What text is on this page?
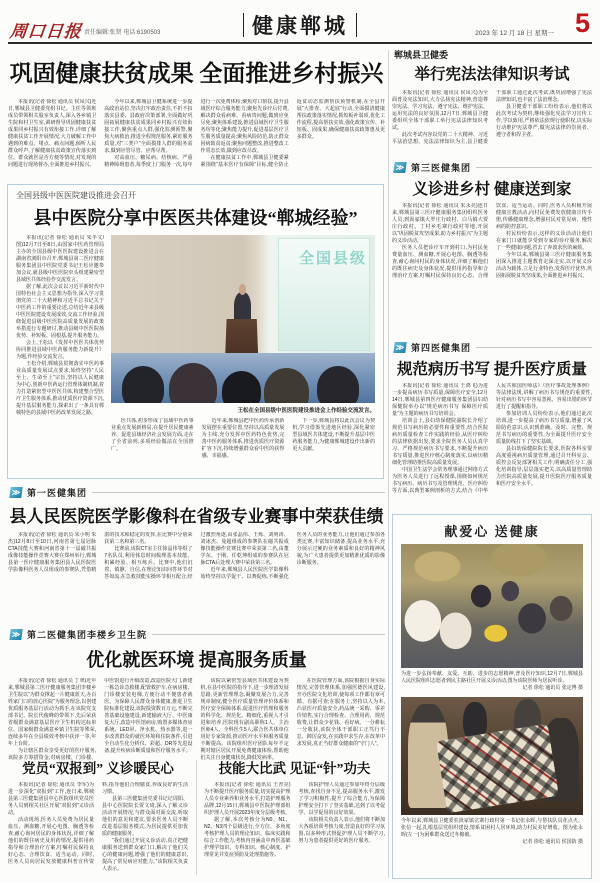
周口日报 责任编辑:张贤 电话:6190503	健康郸城	2023 年 12 月 18 日 星期一 5
巩固健康扶贫成果 全面推进乡村振兴

本报讯(记者 徐松 通讯员 侯凤兴)近日,郸城县卫健委党组书记、主任等领班成员带领相关股室负责人,深入各乡镇卫生院和村卫生室,调研督导巩固健康扶贫成果同乡村振兴有效衔接工作,详细了解健康扶贫工作开展情况,大力破解工作中遇到的难点、堵点、痛点问题,倾听人民群众呼声,了解健康扶贫政策宣传落实到位、群众就医是否方便等情况,对发现的问题进行现场督办,全面推进乡村振兴。

今年以来,郸城县卫健系统进一步提高政治站位,坚决扛牢政治责任,不折不扣落实县委、县政府决策部署,全面做好巩固拓展健康扶贫成果同乡村振兴有效衔接工作,聚焦重点人群,强化监测预警,聚焦大病救治,推进全程规范服务,紧盯服务质量,对“三类户”全面摸排人群的服务需求,做到应管尽管、应帮尽帮。

对高血压、糖尿病、结核病、严重精神障碍患者,每季度上门服务一次,每年进行一次免费体检;聚焦对口帮扶,提升县域医疗综合服务能力;聚焦先诊疗后付费,解决群众看病难、看病贵问题,做到应免尽免;聚焦体系建设,推进县域医疗卫生服务均等化;聚焦能力提升,促进基层医疗卫生服务质量提高;聚焦风险防范,防止群众因病致贫返贫;聚焦问题整改,推进整改工作常态长效,做到应改尽改。

在健康扶贫工作中,郸城县卫健委紧紧围绕“基本医疗有保障”目标,健全防止返贫动态监测帮扶预警机制,在全县开展“大排查、大起底”行动,全面摸清健康帮扶政策落实情况,抓短板补弱项,优化工作流程,提高帮扶实效,强化政策宣传、补短板、固成果,确保健康扶贫政策惠及更多群众。

全国县级中医医院建设推进会召开
县中医院分享中医医共体建设“郸城经验”

本报讯(记者 徐松 通讯员 朱半文/图)12月7日至8日,由国家中医药管理局主办的全国县级中医医院建设推进会在湖南省浏阳市召开,郸城县第二医疗健康服务集团县中医院党委书记王松应邀参加会议,就县级中医医院牵头组建紧密型县域医共体经验作交流发言。

据了解,此次会议以习近平新时代中国特色社会主义思想为指导,深入学习贯彻党的二十大精神和习近平总书记关于中医药工作的重要论述,总结近年来县级中医医院建设发展成效,交流工作经验,围绕促进县级中医医院高质量发展的政策举措进行专题研讨,推动县级中医医院扬优势、补短板、固根基,提升服务能力。

会上,王松以《发挥中医医共体优势 协同推进县域中医药服务能力新提升》为题,作经验交流发言。

王松介绍,郸城县贯彻落实中医药事业高质量发展试点要求,始终坚持“人民至上、生命至上”宗旨,坚持以人民健康为中心,创新中医药运行管理体制机制,着力打造紧密型中医医共体,构建整合型医疗卫生服务体系,推动优质医疗资源下沉,提升基层服务能力,探索出了一条具有郸城特色的县域中医药改革发展之路。

全国县级
王松在全国县级中医医院建设推进会上作经验交流发言。

医共体,初步形成了县域中医药事业重点发展新格局,在提升居民健康素养、促进县域经济社会发展方面,走在了全省前列,多项经验做法在全国推广。

近年来,郸城县把中医药传承创新发展摆在重要位置,坚持以高质量发展为主线,充分发挥中医药特色优势,完善中医药服务体系,推进优质医疗资源扩容下沉,持续增强群众看中医的获得感、幸福感。

下一步,郸城县将以此次会议为契机,学习借鉴先进地区经验,深化紧密型县域医共体建设,不断提升基层中医药服务能力,为健康郸城建设作出新的更大贡献。

≫ 第一医健集团
县人民医院医学影像科在省级专业赛事中荣获佳绩

本报讯(记者 徐松 通讯员 朱小明 朱杰)12月8日至10日,河南省第七届冠脉CTA技能大赛和河南省第十一届磁共振成像技能操作竞赛大赛在郑州举行,郸城县第一医疗健康服务集团县人民医院医学影像科医务人员组成的参赛队,凭借精湛的技术和稳定的发挥,在比赛中分别荣获第二名和第三名。

比赛前,该院CT室主任徐晶伟等组了7名队员,利用休息时间梳理基本技能、积累经验、相互练兵。比赛中,他们沉着、镇静、自信,在理论知识问答环节对答如流,在急救技能实操环节相互配合,经过激烈角逐,由张晶伟、王烁、刘明涛、刘冰杰、曼超组成的参赛队在磁共振成像技能操作竞赛比赛中荣获第二名,由董学东、于刚、任乾坤组成的参赛队在冠脉CTA后处理大赛中荣获第三名。

近年来,郸城县人民医院医学影像科始终坚持以学促干、以赛促练,不断强化医务人员的业务能力,让他们通过参加各类比赛,丰富知识储备,提高业务水平,充分展示过硬的业务素质和良好的精神风貌,为广大患者提供更加精准优质的影像诊断服务。

≫ 第二医健集团李楼乡卫生院
优化就医环境 提高服务质量

本报讯(记者 徐松 通讯员 丁翠)近年来,郸城县第二医疗健康服务集团李楼乡卫生院以“为群众撑起一片健康蓝天,办百姓家门口的放心医院”为服务理念,以创建优质服务基层行活动为抓手,在该院党支部书记、院长代俊峰的带领下,先后荣获省级群众满意基层医疗卫生机构达标单位、国家级群众满意乡镇卫生院等殊荣,连续多年在全县绩效考核中获评一等,年年上台阶。

为让辖区群众享受更好的医疗服务,该院多方筹措资金,对病房楼、门诊楼、中医馆进行升级改造,改造医院大门,新建一栋急诊急救楼,配置救护车,在病房楼、门诊楼安装电梯,方便行动不便患者就医。为保障人民群众身体健康,推进卫生院标准化建设,该院投资数百万元,不断完善基础设施建设,新建输液大厅、中医康复大厅,改造中医馆病房,购置多媒体查房系统、LED屏、净水机、热水器等,进一步改善群众的就医环境和住院条件,引进全自动生化分析仪、彩超、DR等先进设备,提升疾病诊断质量和医疗服务水平。

该院以紧密型县域医共体建设为契机,在县中医院的指导下,进一步理清发展思路,更新管理理念,凝聚发展合力,完善规章制度,健全医疗质量管理评价体系和医疗安全保障体系,促进医疗管理和服务的科学化、规范化、精细化,重视人才引进和培养,医院现有副高职称1人、主治医师4人、全科医生5人,联合医共体单位用好专家资源,推动医疗水平和服务质量不断提高。该院组织医疗团队每年不定期对辖区居民开展免费健康体检,帮助他们关注自身健康状况,降低发病率。

在医院管理方面,该院根据自身实际情况,完善管理体系,加强医德医风建设,开办医院文化培训,使每项工作都有章可循、有据可查;在服务上,坚持以人为本,凸显医疗质量安全,药品统一采购、零差价销售,实行合理检查、合理用药、规范收费,让群众少花钱、看好病。一分耕耘一分收获,该院全体干部职工正笃行不怠、踔厉奋发,在实践中求生存,在改革中求发展,真正当好群众健康的“守门人”。

党员“双报到” 义诊暖民心

本报讯(记者 徐松 通讯员 李军)为进一步深化“双报到”工作,连日来,郸城县第三医健集团县中心医院组织党员医务人员到相关社区开展“双报到”义诊活动。

活动现场,医务人员免费为居民量血压、测血糖,开展心电图、胸透等检查,耐心询问居民的身体状况,详细了解他们的既往病史及用药情况,提供用药指导和合理治疗方案,叮嘱村民保持良好心态、合理饮食、适当运动。同时,医务人员向居民发放健康科普宣传资料,指导他们合理膳食,养成良好的生活习惯。

县第三医健集团党委书记记周阳、县中心医院院长贾文琦,深入了解义诊活动开展情况,与群众面对面交流,听取他们的意见和建议,要求医务人员不断改进基层服务模式,为居民提供更加优质的健康服务。

“我们通过开展义诊活动,真正把健康服务送到群众家门口,解决了他们关心的健康问题,增强了他们的健康意识,提高了常见病应对能力。”该院相关负责人表示。

技能大比武 见证“针”功夫

本报讯(记者 徐松 通讯员 王青亮)为不断提升医疗服务质量,切实提高护理人员专业素养和业务水平,打造护理服务品牌,12月15日,郸城县中医院护理部组织护理人员开展2023年度分层级考核。

据了解,本次考核分为N0、N1、N2、N3四个层级进行,全方位、多角度考核护理人员的理论知识、临床实践和综合工作能力,考核内容涵盖中西医基础护理学知识、专科知识、核心制度、护理常见并发症预防及处理措施等。

该院护理人员通过参加年终分层级考核,查找自身不足,提高服务水平,激发了学习积极性,提升了综合能力,为保障护理安全打下了坚实基础,达到了以考促学、以学促用的良好效果。

该院相关负责人表示,他们将不断加大各项培训考核力度,营造良好的学习氛围,以多种形式督促护理人员不断学习,努力为患者提供更好的医疗服务。

郸城县卫健委
举行宪法法律知识考试

本报讯(记者 徐松 通讯员 侯凤兴)为全面普及宪法知识,大力弘扬宪法精神,营造尊崇宪法、学习宪法、遵守宪法、维护宪法、运用宪法的良好氛围,12月7日,郸城县卫健委组织全体干部职工举行宪法法律知识考试。

此次考试内容以党的二十大精神、习近平法治思想、宪法法律知识为主,县卫健委干部职工通过此次考试,既巩固增强了宪法法律知识,也丰富了法治理念。

县卫健委干部职工纷纷表示,他们将以此次考试为契机,继续强化宪法学习宣传工作,学以致用,严格依法依规行使职权,以实际行动维护宪法尊严,做宪法法律的崇尚者、遵守者和捍卫者。

≫ 第三医健集团
义诊进乡村 健康送到家

本报讯(记者 徐松 通讯员 朱永亮)连日来,郸城县第三医疗健康服务集团组织医务人员,到汲冢镇大罗庄行政村、白马镇大贾庄行政村、丁村乡毛寨行政村等地,开展以“巩固脱贫攻坚成果,助力乡村振兴”为主题的义诊活动。

医务人员把诊疗车开到村口,为村民免费量血压、测血糖,开展心电图、胸透等检查,耐心询问村民的身体状况,详细了解他们的既往病史及身体状况,提供用药指导和合理治疗方案,叮嘱村民保持良好心态、合理饮食、适当运动。同时,医务人员积极开展健康宣教活动,向村民免费发放健康宣传手册,传播健康理念,增强村民对常见病、慢性病的防控意识。

村民纷纷表示,这样的义诊活动让他们在家门口就能享受到专家的诊疗服务,解决了一些健康问题,省去了奔波求医的麻烦。

今年以来,郸城县第三医疗健康服务集团深入推进主题教育走深走实,以开展义诊活动为载体,立足行业特色,发挥医疗优势,巩固拓展脱贫攻坚成果,全面推进乡村振兴。

≫ 第四医健集团
规范病历书写 提升医疗质量

本报讯(记者 徐松 通讯员 王鸿飞)为进一步提高病历书写质量,保障医疗安全,12月14日,郸城县第四医疗健康服务集团县妇幼保健院举办以“规范病历书写 保障医疗质量”为主题的病历书写培训会。

培训会上,县妇幼保健院副院长介绍了规范书写病历的必要性和重要性,结合医院病历质量检查工作实践的经验,从医疗纠纷的法律依据出发,要求全院医务人员认真学习、严格规范病历书写要求,不断提升病历书写质量,推进医疗核心制度落实,以病历精细化管理助推医院高质量发展。

中国卫生法学会常务理事通过网络方式为医务人员进行了远程授课,围绕如何规范书写病历、病历书写及管理规范、医疗纠纷等方面,以典型案例剖析的方式,结合《中华人民共和国医师法》《医疗事故处理条例》等法律法规,讲解了病历书写规范的重要性,针对病历书写中容易忽视、容易出错的环节进行了提醒和指导。

参加培训人员纷纷表示,他们通过此次培训,进一步提高了病历书写质量,增强了风险防范意识,认识到准确、及时、完整、规范书写病历的重要性,为全面提升医疗安全质量防线打下了坚实基础。

县妇幼保健院院长要求,医院各科室要高度重视病历质量管理,通过召开科室会、质控会反复部署相关工作,明确责任分工,强化培训指导,层层落实把关,以高质量管理助力医院高质量发展,提升医院医疗服务质量和医疗安全水平。

献爱心 送健康
为进一步弘扬奉献、友爱、互助、进步的志愿精神,普及医疗知识,12月7日,郸城县人民医院组织志愿者到民主路社区开展义诊活动,图为该院医师为居民听诊。
记者 徐松 通讯员 张定博 摄
今年以来,郸城县卫健委驻汲冢镇岔寨行政村第一书记张永晖,与帮扶队员花点火、张信一起,扎根基层党组织建设,情系贫困村人居环境,助力村民美好增收。图为张永晖(左一)为困难群众送过冬棉被。
记者 徐松 通讯员 侯国防 摄
